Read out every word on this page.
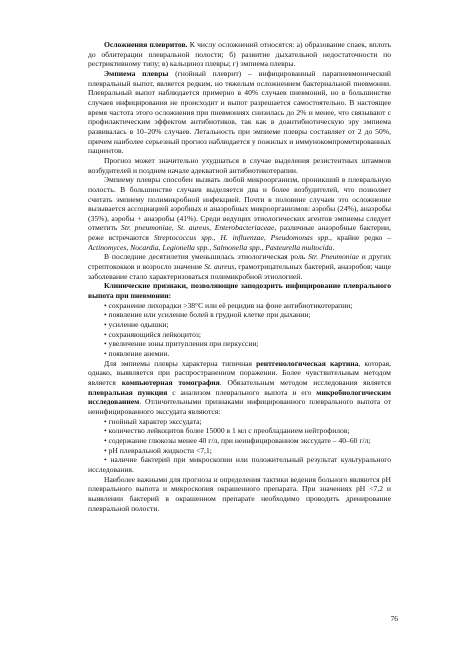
Осложнения плевритов. К числу осложнений относятся: а) образование спаек, вплоть до облитерации плевральной полости; б) развитие дыхательной недостаточности по рестриктивному типу; в) кальциноз плевры; г) эмпиема плевры.

Эмпиема плевры (гнойный плеврит) – инфицированный парапневмонический плевральный выпот, является редким, но тяжелым осложнением бактериальной пневмонии. Плевральный выпот наблюдается примерно в 40% случаев пневмоний, но в большинстве случаев инфицирования не происходит и выпот разрешается самостоятельно. В настоящее время частота этого осложнения при пневмониях снизилась до 2% и менее, что связывают с профилактическим эффектом антибиотиков, так как в доантибиотическую эру эмпиема развивалась в 10–20% случаев. Летальность при эмпиеме плевры составляет от 2 до 50%, причем наиболее серьезный прогноз наблюдается у пожилых и иммунокомпрометированных пациентов.

Прогноз может значительно ухудшаться в случае выделения резистентных штаммов возбудителей и позднем начале адекватной антибиотикотерапии.

Эмпиему плевры способен вызвать любой микроорганизм, проникший в плевральную полость. В большинстве случаев выделяется два и более возбудителей, что позволяет считать эмпиему полимикробной инфекцией. Почти в половине случаев это осложнение вызывается ассоциацией аэробных и анаэробных микроорганизмов: аэробы (24%), анаэробы (35%), аэробы + анаэробы (41%). Среди ведущих этиологических агентов эмпиемы следует отметить Str. pneumoniae, St. aureus, Enterobacteriaceae, различные анаэробные бактерии, реже встречаются Streptococcus spp., H. influenzae, Pseudomonas spp., крайне редко – Actinomyces, Nocardia, Legionella spp., Salmonella spp., Pasteurella multocida.

В последние десятилетия уменьшилась этиологическая роль Str. Pneumoniae и других стрептококков и возросло значение St. aureus, грамотрицательных бактерий, анаэробов; чаще заболевание стало характеризоваться полимикробной этиологией.

Клинические признаки, позволяющие заподозрить инфицирование плеврального выпота при пневмонии:

• сохранение лихорадки >38°С или её рецидив на фоне антибиотикотерапии;

• появление или усиление болей в грудной клетке при дыхании;

• усиление одышки;

• сохраняющийся лейкоцитоз;

• увеличение зоны притупления при перкуссии;

• появление анемии.

Для эмпиемы плевры характерна типичная рентгенологическая картина, которая, однако, выявляется при распространенном поражении. Более чувствительным методом является компьютерная томография. Обязательным методом исследования является плевральная пункция с анализом плеврального выпота и его микробиологическим исследованием. Отличительными признаками инфицированного плеврального выпота от неинфицированного экссудата являются:

• гнойный характер экссудата;

• количество лейкоцитов более 15000 в 1 мл с преобладанием нейтрофилов;

• содержание глюкозы менее 40 г/л, при неинфицированном экссудате – 40–60 г/л;

• рН плевральной жидкости <7,1;

• наличие бактерий при микроскопии или положительный результат культурального исследования.

Наиболее важными для прогноза и определения тактики ведения больного являются рН плеврального выпота и микроскопия окрашенного препарата. При значениях рН <7,2 и выявлении бактерий в окрашенном препарате необходимо проводить дренирование плевральной полости.

76
